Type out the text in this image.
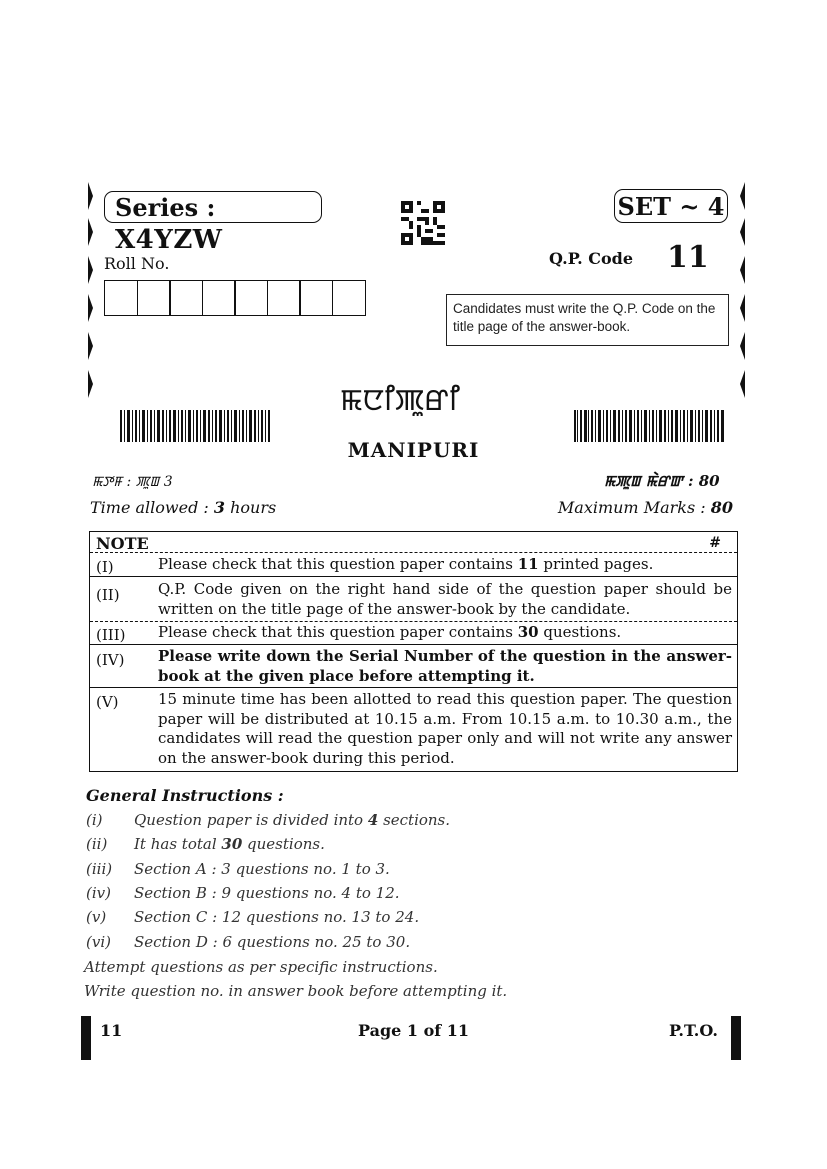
Series : X4YZW
SET ~ 4
Roll No.	Q.P. Code 11
Candidates must write the Q.P. Code on the title page of the answer-book.
ꯃꯅꯤꯄꯨꯔꯤ
MANIPURI
ꯃꯇꯝ : ꯄꯨꯡ 3	ꯃꯄꯨꯡ ꯃꯥꯔꯛ : 80
Time allowed : 3 hours	Maximum Marks : 80
NOTE	#
(I)	Please check that this question paper contains 11 printed pages.
(II)	Q.P. Code given on the right hand side of the question paper should be written on the title page of the answer-book by the candidate.
(III) Please check that this question paper contains 30 questions.
(IV) Please write down the Serial Number of the question in the answer-book at the given place before attempting it.
(V)	15 minute time has been allotted to read this question paper. The question paper will be distributed at 10.15 a.m. From 10.15 a.m. to 10.30 a.m., the candidates will read the question paper only and will not write any answer on the answer-book during this period.
General Instructions :
(i) Question paper is divided into 4 sections.
(ii) It has total 30 questions.
(iii) Section A : 3 questions no. 1 to 3.
(iv) Section B : 9 questions no. 4 to 12.
(v) Section C : 12 questions no. 13 to 24.
(vi) Section D : 6 questions no. 25 to 30.
Attempt questions as per specific instructions.
Write question no. in answer book before attempting it.
11	Page 1 of 11	P.T.O.
